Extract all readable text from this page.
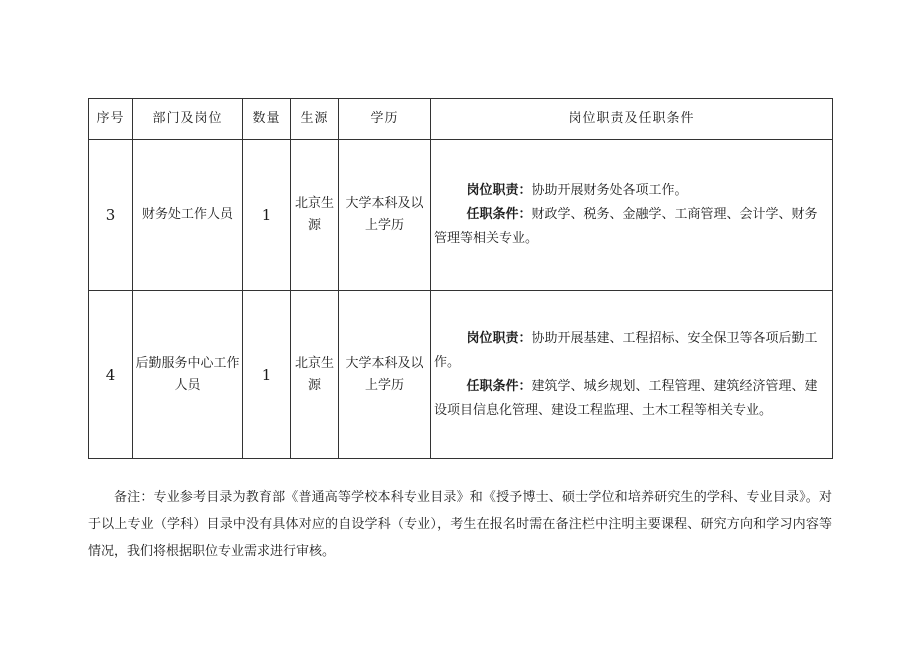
序号	部门及岗位	数量	生源	学历	岗位职责及任职条件
3	财务处工作人员	1	北京生源	大学本科及以上学历	岗位职责：协助开展财务处各项工作。

任职条件：财政学、税务、金融学、工商管理、会计学、财务管理等相关专业。

4	后勤服务中心工作人员	1	北京生源	大学本科及以上学历	岗位职责：协助开展基建、工程招标、安全保卫等各项后勤工作。

任职条件：建筑学、城乡规划、工程管理、建筑经济管理、建设项目信息化管理、建设工程监理、土木工程等相关专业。

备注：专业参考目录为教育部《普通高等学校本科专业目录》和《授予博士、硕士学位和培养研究生的学科、专业目录》。对于以上专业（学科）目录中没有具体对应的自设学科（专业），考生在报名时需在备注栏中注明主要课程、研究方向和学习内容等情况，我们将根据职位专业需求进行审核。
